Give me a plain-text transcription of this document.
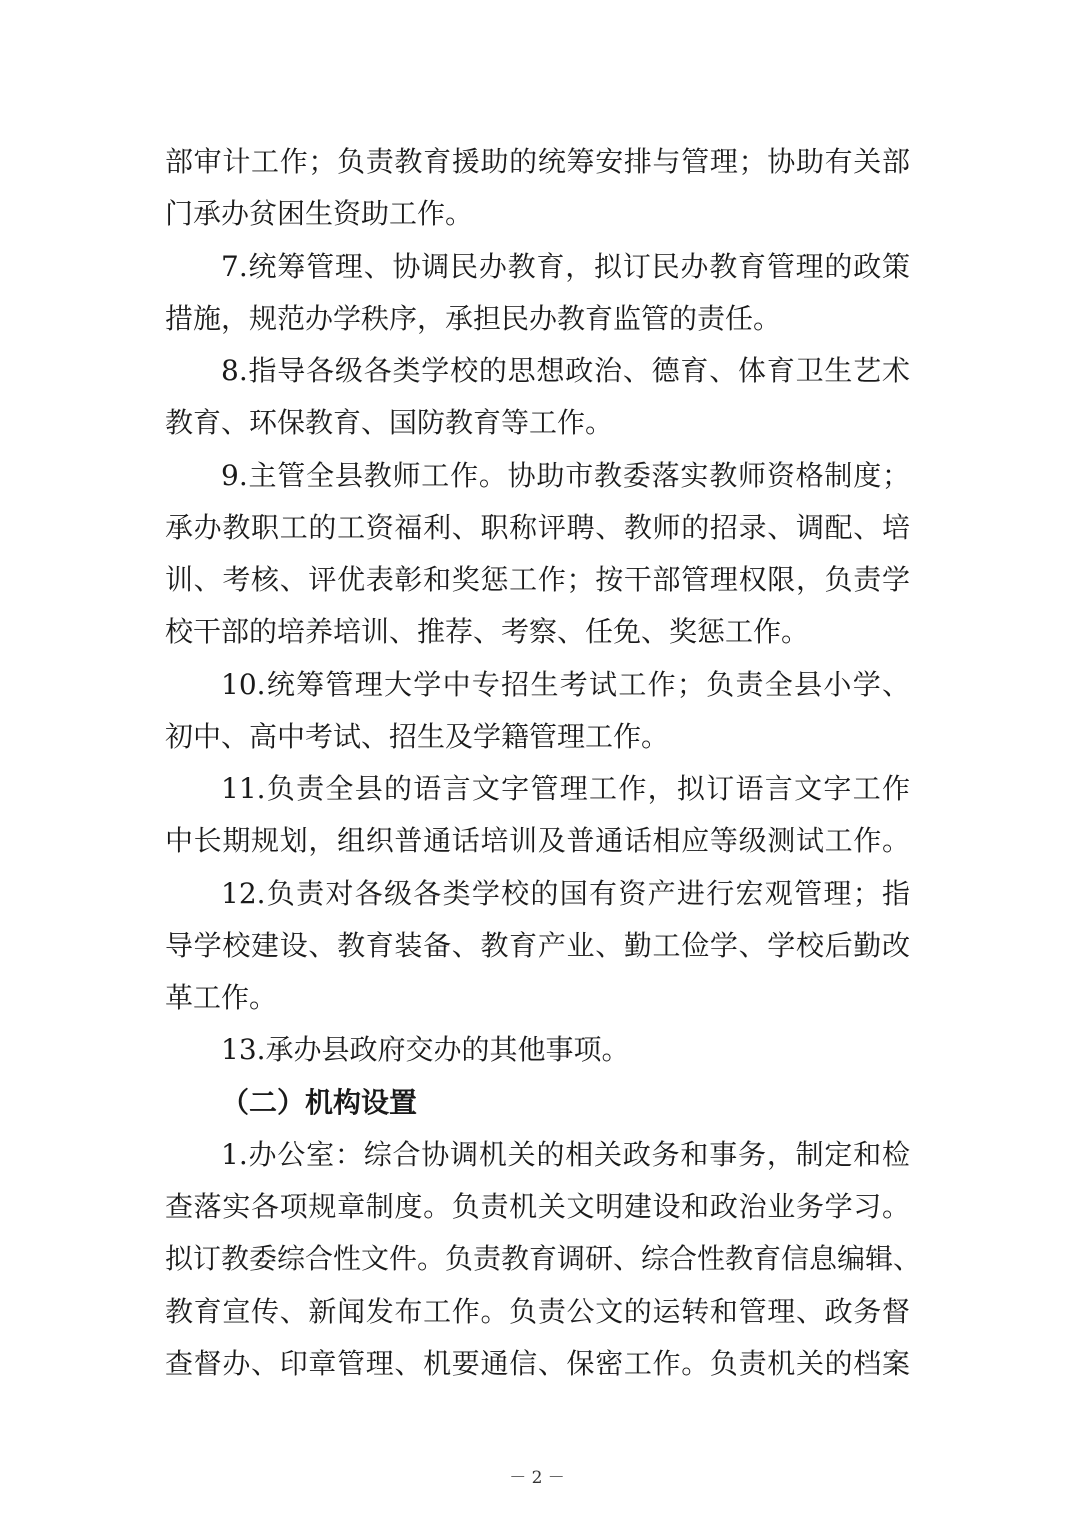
部审计工作；负责教育援助的统筹安排与管理；协助有关部
门承办贫困生资助工作。
7.统筹管理、协调民办教育，拟订民办教育管理的政策
措施，规范办学秩序，承担民办教育监管的责任。
8.指导各级各类学校的思想政治、德育、体育卫生艺术
教育、环保教育、国防教育等工作。
9.主管全县教师工作。协助市教委落实教师资格制度；
承办教职工的工资福利、职称评聘、教师的招录、调配、培
训、考核、评优表彰和奖惩工作；按干部管理权限，负责学
校干部的培养培训、推荐、考察、任免、奖惩工作。
10.统筹管理大学中专招生考试工作；负责全县小学、
初中、高中考试、招生及学籍管理工作。
11.负责全县的语言文字管理工作，拟订语言文字工作
中长期规划，组织普通话培训及普通话相应等级测试工作。
12.负责对各级各类学校的国有资产进行宏观管理；指
导学校建设、教育装备、教育产业、勤工俭学、学校后勤改
革工作。
13.承办县政府交办的其他事项。
（二）机构设置
1.办公室：综合协调机关的相关政务和事务，制定和检
查落实各项规章制度。负责机关文明建设和政治业务学习。
拟订教委综合性文件。负责教育调研、综合性教育信息编辑、
教育宣传、新闻发布工作。负责公文的运转和管理、政务督
查督办、印章管理、机要通信、保密工作。负责机关的档案
－ 2 －
